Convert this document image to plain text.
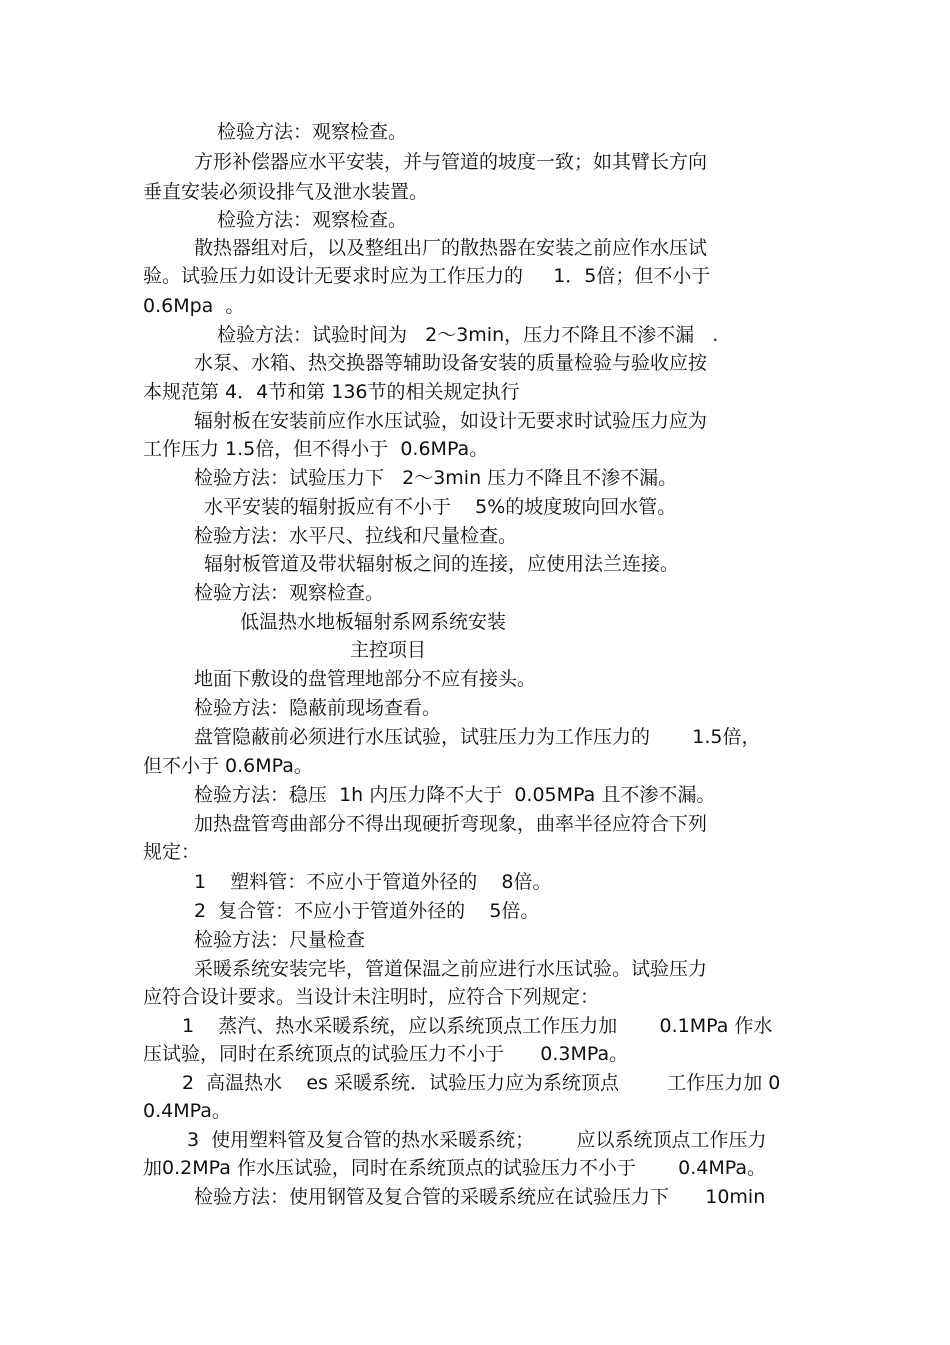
检验方法：观察检查。

方形补偿器应水平安装，并与管道的坡度一致；如其臂长方向

垂直安装必须设排气及泄水装置。

检验方法：观察检查。

散热器组对后，以及整组出厂的散热器在安装之前应作水压试

验。试验压力如设计无要求时应为工作压力的     1．5倍；但不小于

0.6Mpa  。

检验方法：试验时间为   2～3min，压力不降且不渗不漏   .

水泵、水箱、热交换器等辅助设备安装的质量检验与验收应按

本规范第 4．4节和第 136节的相关规定执行

辐射板在安装前应作水压试验，如设计无要求时试验压力应为

工作压力 1.5倍，但不得小于  0.6MPa。

检验方法：试验压力下   2～3min 压力不降且不渗不漏。

水平安装的辐射扳应有不小于    5%的坡度玻向回水管。

检验方法：水平尺、拉线和尺量检查。

辐射板管道及带状辐射板之间的连接，应使用法兰连接。

检验方法：观察检查。

低温热水地板辐射系网系统安装

主控项目

地面下敷设的盘管理地部分不应有接头。

检验方法：隐蔽前现场查看。

盘管隐蔽前必须进行水压试验，试驻压力为工作压力的       1.5倍，

但不小于 0.6MPa。

检验方法：稳压  1h 内压力降不大于  0.05MPa 且不渗不漏。

加热盘管弯曲部分不得出现硬折弯现象，曲率半径应符合下列

规定：

1    塑料管：不应小于管道外径的    8倍。

2  复合管：不应小于管道外径的    5倍。

检验方法：尺量检查

采暖系统安装完毕，管道保温之前应进行水压试验。试验压力

应符合设计要求。当设计未注明时，应符合下列规定：

1    蒸汽、热水采暖系统，应以系统顶点工作压力加       0.1MPa 作水

压试验，同时在系统顶点的试验压力不小于      0.3MPa。

2  高温热水    es 采暖系统．试验压力应为系统顶点        工作压力加 0

0.4MPa。

3  使用塑料管及复合管的热水采暖系统；       应以系统顶点工作压力

加0.2MPa 作水压试验，同时在系统顶点的试验压力不小于       0.4MPa。

检验方法：使用钢管及复合管的采暖系统应在试验压力下      10min
